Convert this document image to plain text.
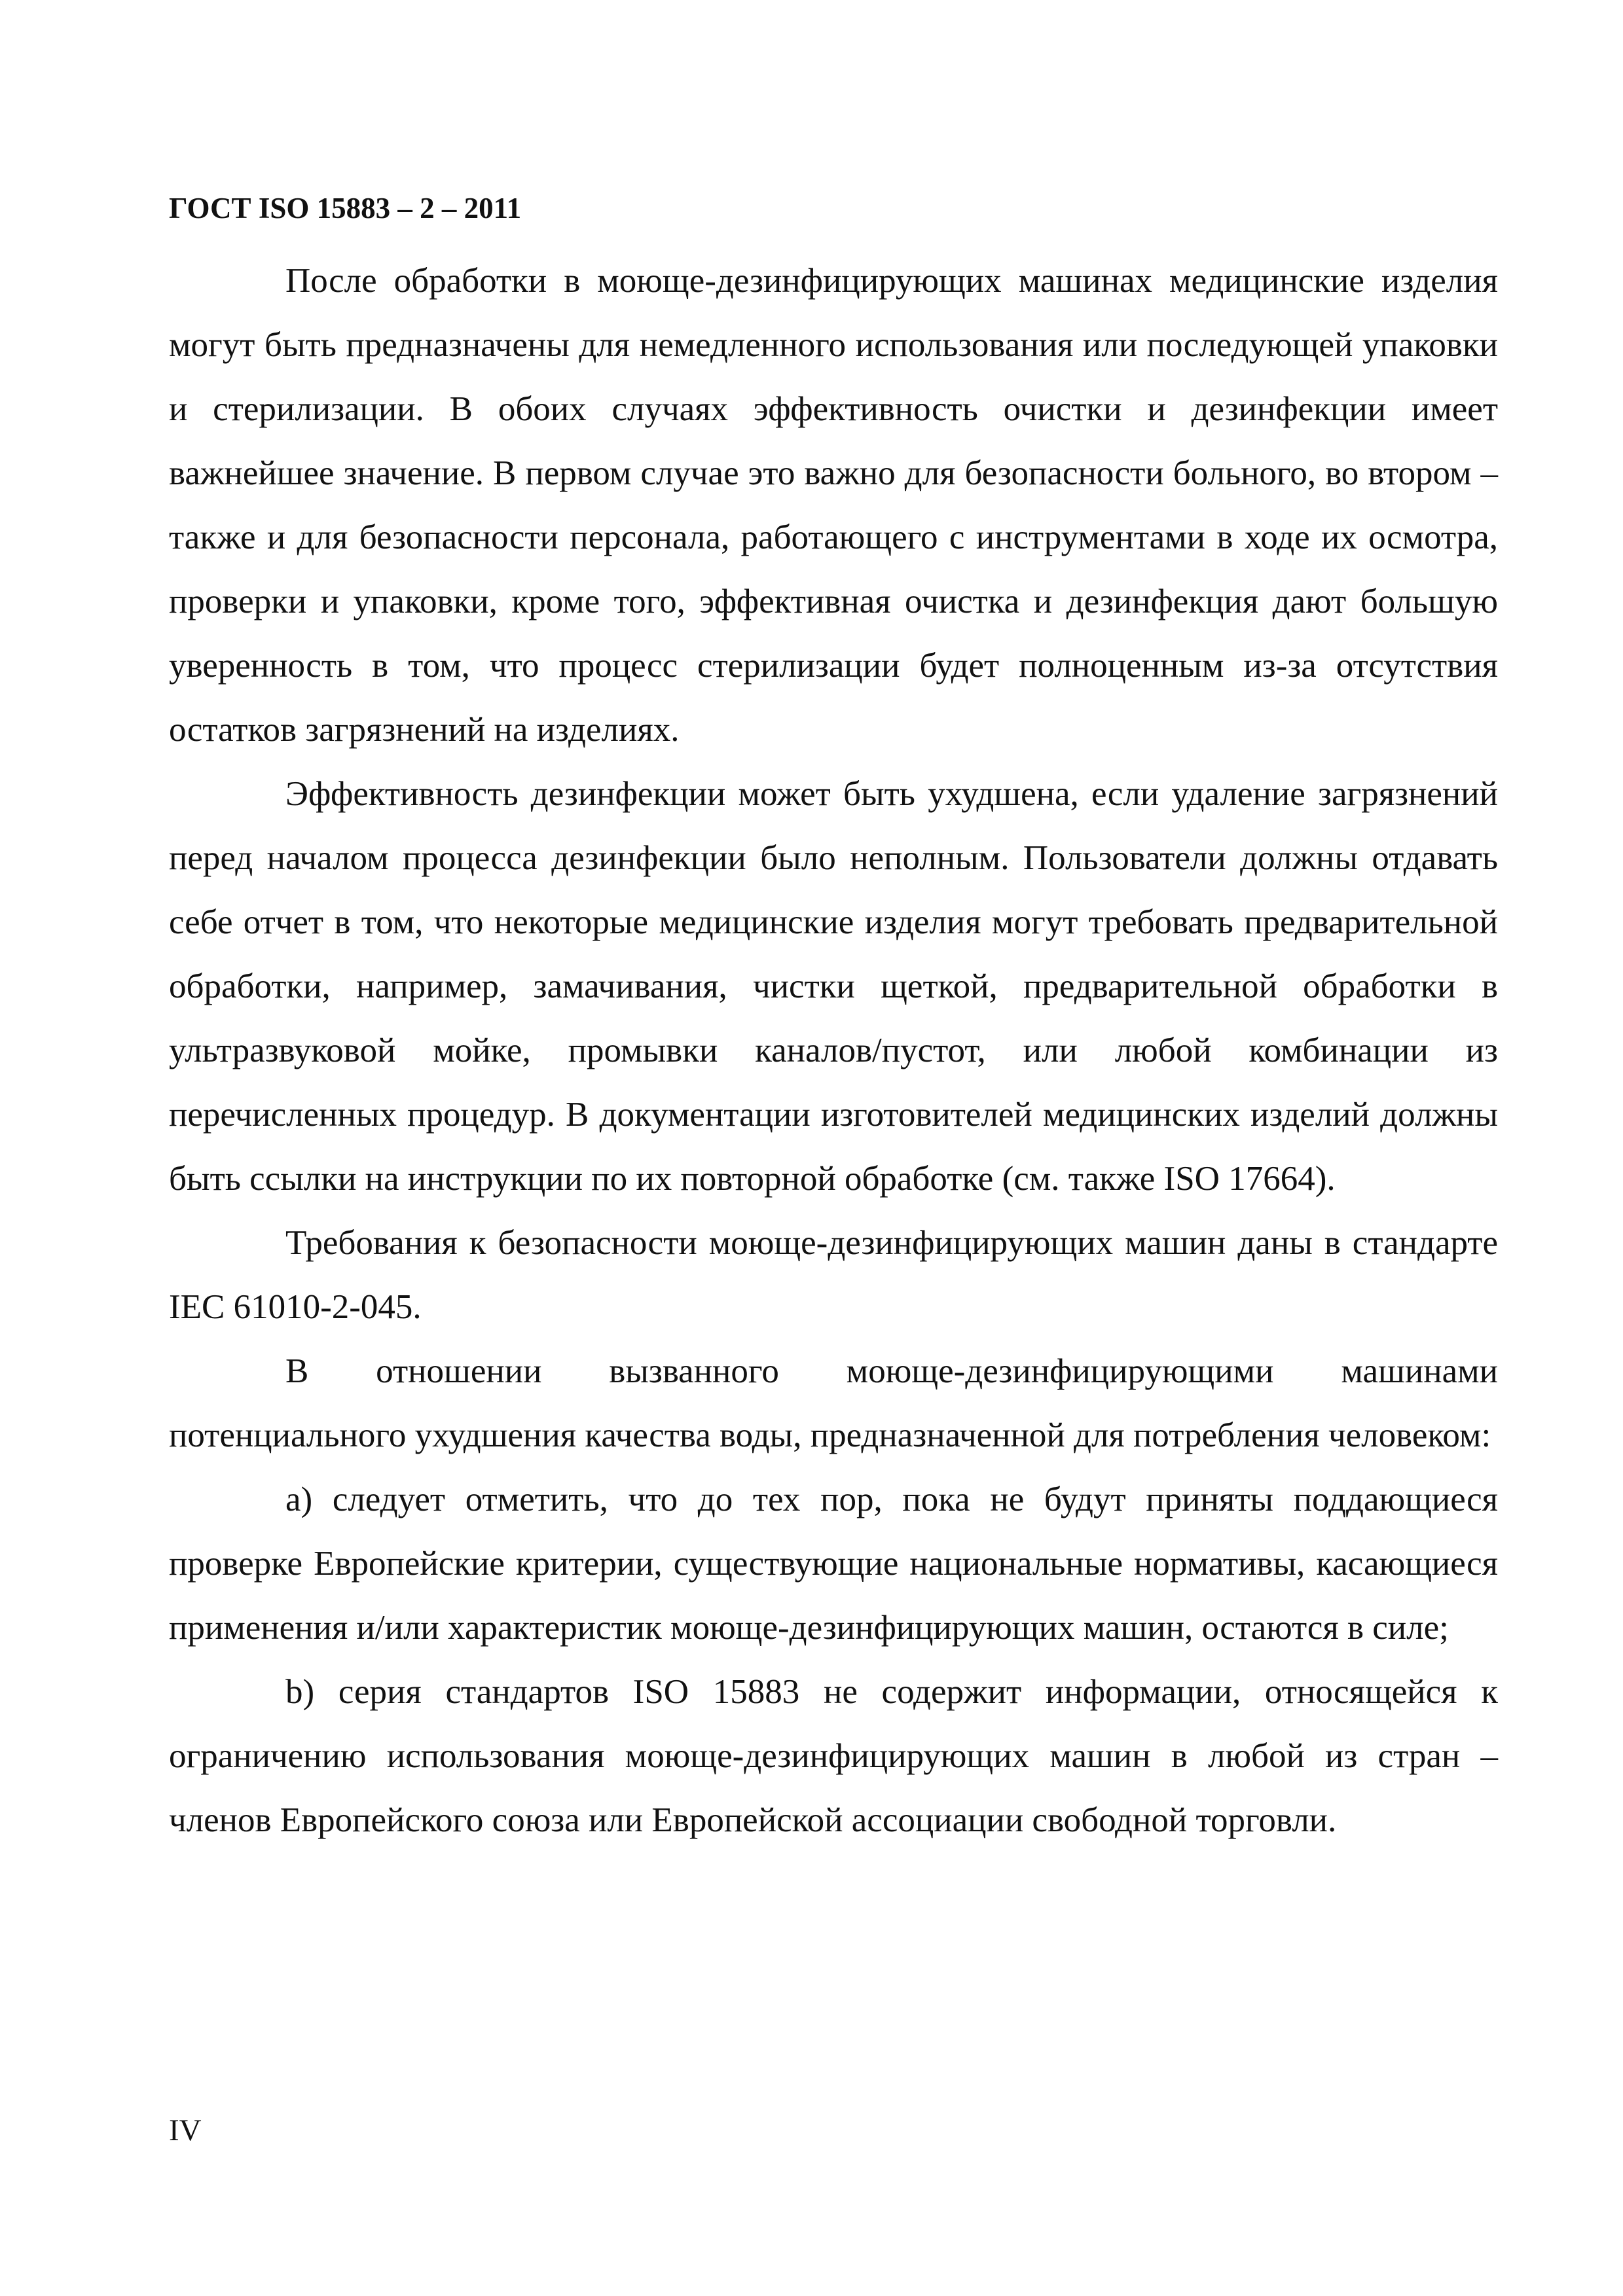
ГОСТ ISO 15883 – 2 – 2011

После обработки в моюще-дезинфицирующих машинах медицинские изделия могут быть предназначены для немедленного использования или последующей упаковки и стерилизации. В обоих случаях эффективность очистки и дезинфекции имеет важнейшее значение. В первом случае это важно для безопасности больного, во втором – также и для безопасности персонала, работающего с инструментами в ходе их осмотра, проверки и упаковки, кроме того, эффективная очистка и дезинфекция дают большую уверенность в том, что процесс стерилизации будет полноценным из-за отсутствия остатков загрязнений на изделиях.

Эффективность дезинфекции может быть ухудшена, если удаление загрязнений перед началом процесса дезинфекции было неполным. Пользователи должны отдавать себе отчет в том, что некоторые медицинские изделия могут требовать предварительной обработки, например, замачивания, чистки щеткой, предварительной обработки в ультразвуковой мойке, промывки каналов/пустот, или любой комбинации из перечисленных процедур. В документации изготовителей медицинских изделий должны быть ссылки на инструкции по их повторной обработке (см. также ISO 17664).

Требования к безопасности моюще-дезинфицирующих машин даны в стандарте IEC 61010-2-045.

В отношении вызванного моюще-дезинфицирующими машинами потенциального ухудшения качества воды, предназначенной для потребления человеком:

а) следует отметить, что до тех пор, пока не будут приняты поддающиеся проверке Европейские критерии, существующие национальные нормативы, касающиеся применения и/или характеристик моюще-дезинфицирующих машин, остаются в силе;

b) серия стандартов ISO 15883 не содержит информации, относящейся к ограничению использования моюще-дезинфицирующих машин в любой из стран – членов Европейского союза или Европейской ассоциации свободной торговли.

IV
